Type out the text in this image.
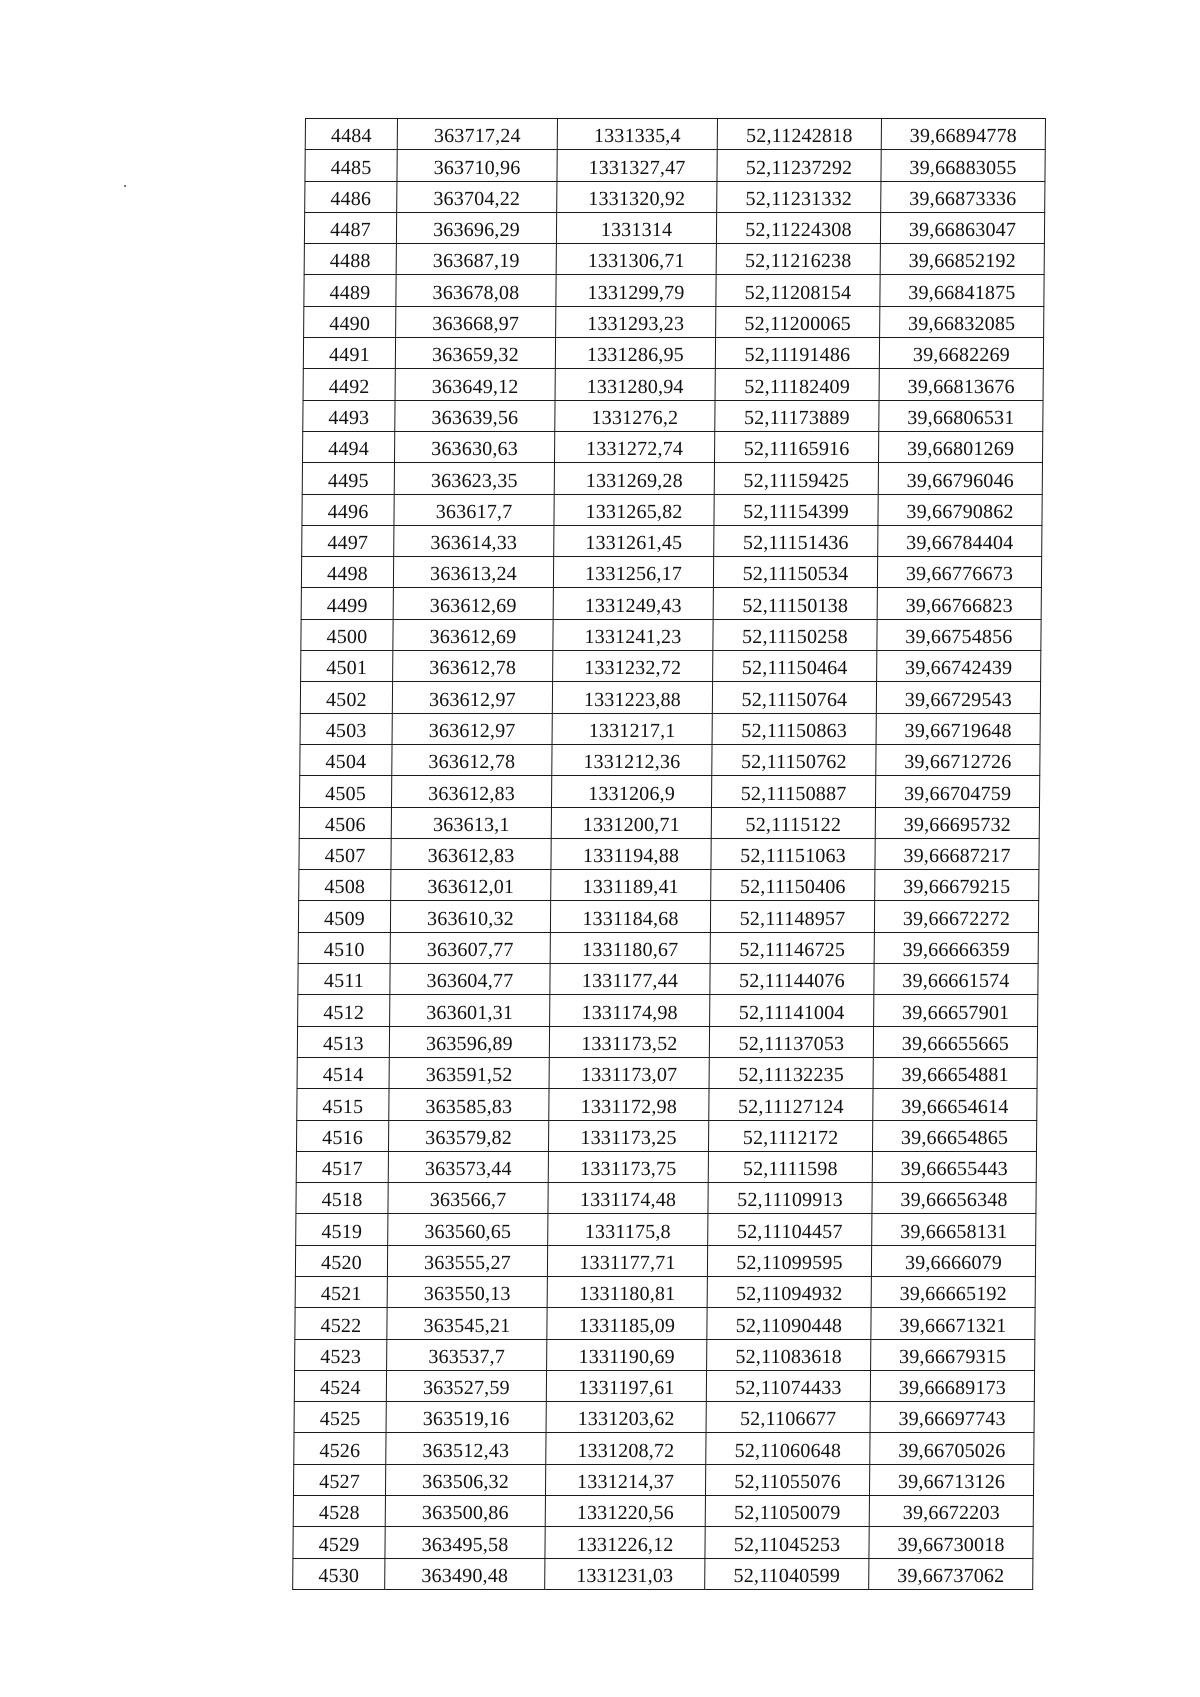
4484	363717,24	1331335,4	52,11242818	39,66894778
4485	363710,96	1331327,47	52,11237292	39,66883055
4486	363704,22	1331320,92	52,11231332	39,66873336
4487	363696,29	1331314	52,11224308	39,66863047
4488	363687,19	1331306,71	52,11216238	39,66852192
4489	363678,08	1331299,79	52,11208154	39,66841875
4490	363668,97	1331293,23	52,11200065	39,66832085
4491	363659,32	1331286,95	52,11191486	39,6682269
4492	363649,12	1331280,94	52,11182409	39,66813676
4493	363639,56	1331276,2	52,11173889	39,66806531
4494	363630,63	1331272,74	52,11165916	39,66801269
4495	363623,35	1331269,28	52,11159425	39,66796046
4496	363617,7	1331265,82	52,11154399	39,66790862
4497	363614,33	1331261,45	52,11151436	39,66784404
4498	363613,24	1331256,17	52,11150534	39,66776673
4499	363612,69	1331249,43	52,11150138	39,66766823
4500	363612,69	1331241,23	52,11150258	39,66754856
4501	363612,78	1331232,72	52,11150464	39,66742439
4502	363612,97	1331223,88	52,11150764	39,66729543
4503	363612,97	1331217,1	52,11150863	39,66719648
4504	363612,78	1331212,36	52,11150762	39,66712726
4505	363612,83	1331206,9	52,11150887	39,66704759
4506	363613,1	1331200,71	52,1115122	39,66695732
4507	363612,83	1331194,88	52,11151063	39,66687217
4508	363612,01	1331189,41	52,11150406	39,66679215
4509	363610,32	1331184,68	52,11148957	39,66672272
4510	363607,77	1331180,67	52,11146725	39,66666359
4511	363604,77	1331177,44	52,11144076	39,66661574
4512	363601,31	1331174,98	52,11141004	39,66657901
4513	363596,89	1331173,52	52,11137053	39,66655665
4514	363591,52	1331173,07	52,11132235	39,66654881
4515	363585,83	1331172,98	52,11127124	39,66654614
4516	363579,82	1331173,25	52,1112172	39,66654865
4517	363573,44	1331173,75	52,1111598	39,66655443
4518	363566,7	1331174,48	52,11109913	39,66656348
4519	363560,65	1331175,8	52,11104457	39,66658131
4520	363555,27	1331177,71	52,11099595	39,6666079
4521	363550,13	1331180,81	52,11094932	39,66665192
4522	363545,21	1331185,09	52,11090448	39,66671321
4523	363537,7	1331190,69	52,11083618	39,66679315
4524	363527,59	1331197,61	52,11074433	39,66689173
4525	363519,16	1331203,62	52,1106677	39,66697743
4526	363512,43	1331208,72	52,11060648	39,66705026
4527	363506,32	1331214,37	52,11055076	39,66713126
4528	363500,86	1331220,56	52,11050079	39,6672203
4529	363495,58	1331226,12	52,11045253	39,66730018
4530	363490,48	1331231,03	52,11040599	39,66737062
